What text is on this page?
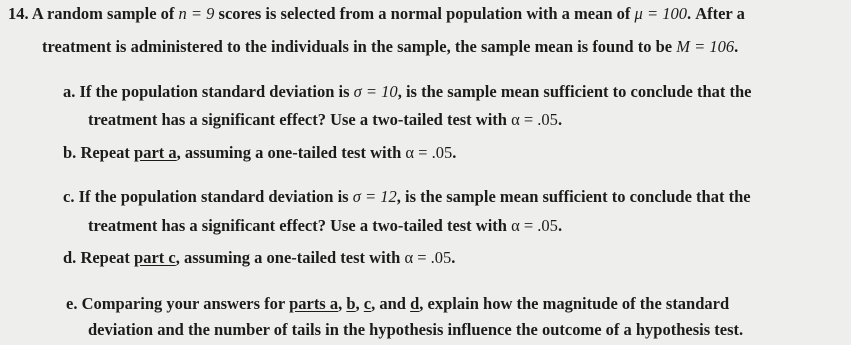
14. A random sample of n = 9 scores is selected from a normal population with a mean of μ = 100. After a
treatment is administered to the individuals in the sample, the sample mean is found to be M = 106.
a. If the population standard deviation is σ = 10, is the sample mean sufficient to conclude that the
treatment has a significant effect? Use a two-tailed test with α = .05.
b. Repeat part a, assuming a one-tailed test with α = .05.
c. If the population standard deviation is σ = 12, is the sample mean sufficient to conclude that the
treatment has a significant effect? Use a two-tailed test with α = .05.
d. Repeat part c, assuming a one-tailed test with α = .05.
e. Comparing your answers for parts a, b, c, and d, explain how the magnitude of the standard
deviation and the number of tails in the hypothesis influence the outcome of a hypothesis test.
